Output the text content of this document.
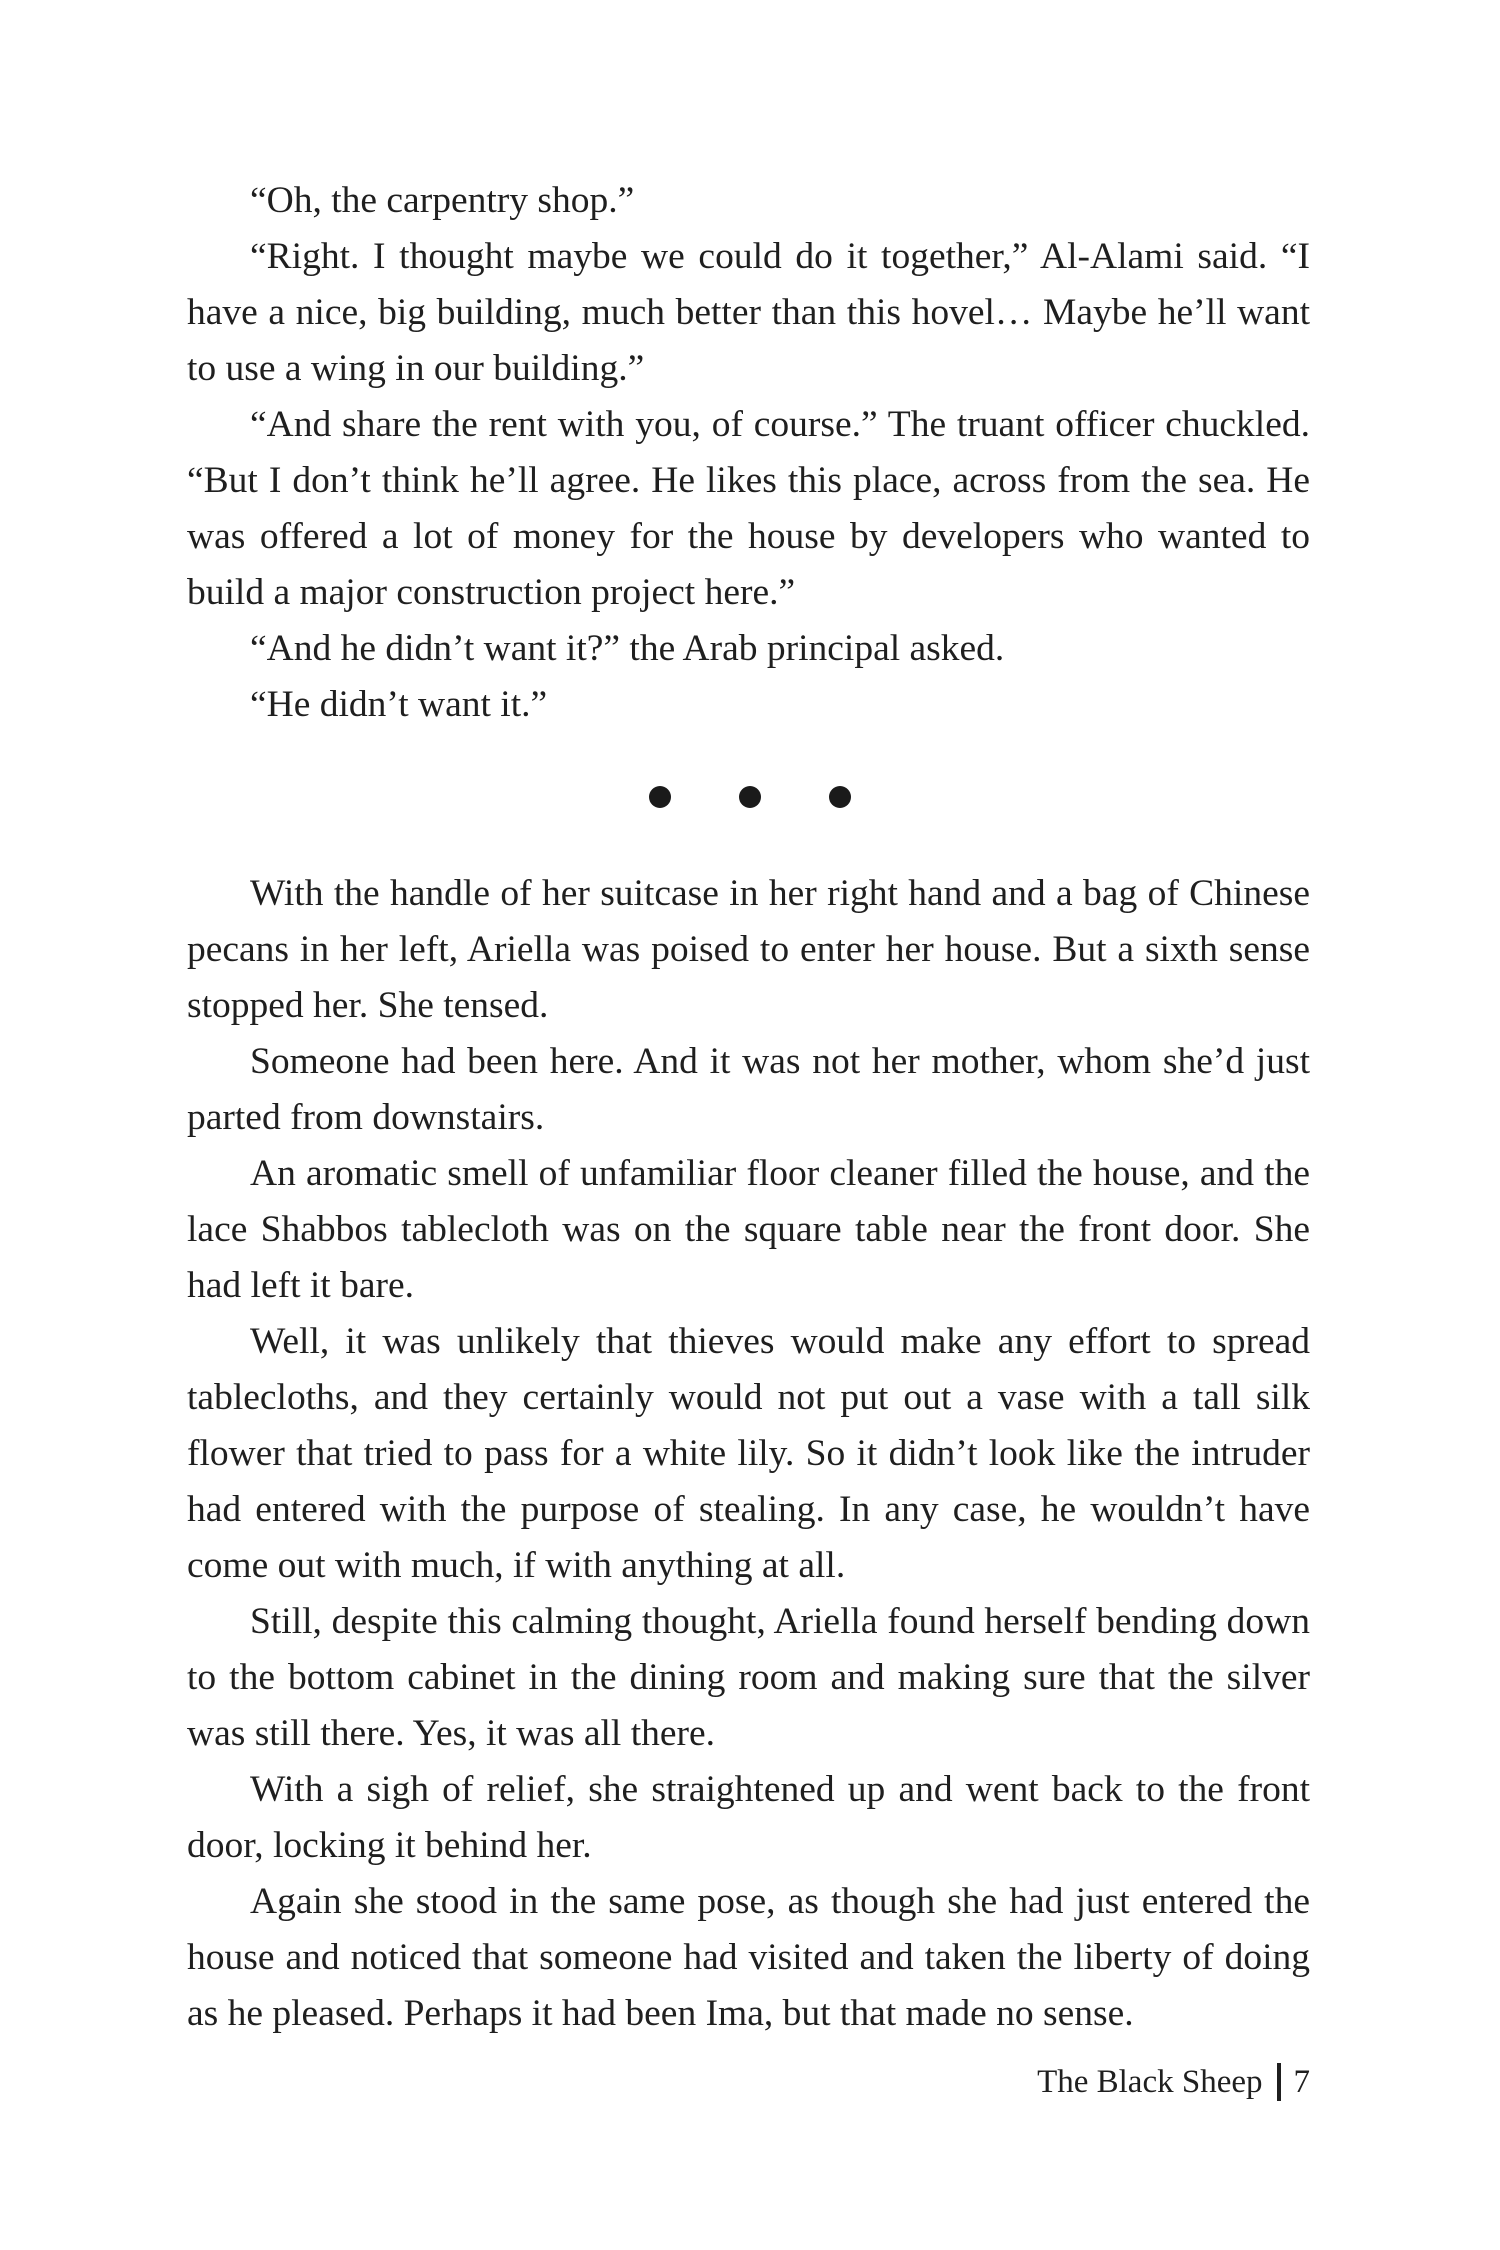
“Oh, the carpentry shop.”

“Right. I thought maybe we could do it together,” Al-Alami said. “I have a nice, big building, much better than this hovel… Maybe he’ll want to use a wing in our building.”

“And share the rent with you, of course.” The truant officer chuckled. “But I don’t think he’ll agree. He likes this place, across from the sea. He was offered a lot of money for the house by developers who wanted to build a major construction project here.”

“And he didn’t want it?” the Arab principal asked.

“He didn’t want it.”

With the handle of her suitcase in her right hand and a bag of Chinese pecans in her left, Ariella was poised to enter her house. But a sixth sense stopped her. She tensed.

Someone had been here. And it was not her mother, whom she’d just parted from downstairs.

An aromatic smell of unfamiliar floor cleaner filled the house, and the lace Shabbos tablecloth was on the square table near the front door. She had left it bare.

Well, it was unlikely that thieves would make any effort to spread tablecloths, and they certainly would not put out a vase with a tall silk flower that tried to pass for a white lily. So it didn’t look like the intruder had entered with the purpose of stealing. In any case, he wouldn’t have come out with much, if with anything at all.

Still, despite this calming thought, Ariella found herself bending down to the bottom cabinet in the dining room and making sure that the silver was still there. Yes, it was all there.

With a sigh of relief, she straightened up and went back to the front door, locking it behind her.

Again she stood in the same pose, as though she had just entered the house and noticed that someone had visited and taken the liberty of doing as he pleased. Perhaps it had been Ima, but that made no sense.

The Black Sheep 7
